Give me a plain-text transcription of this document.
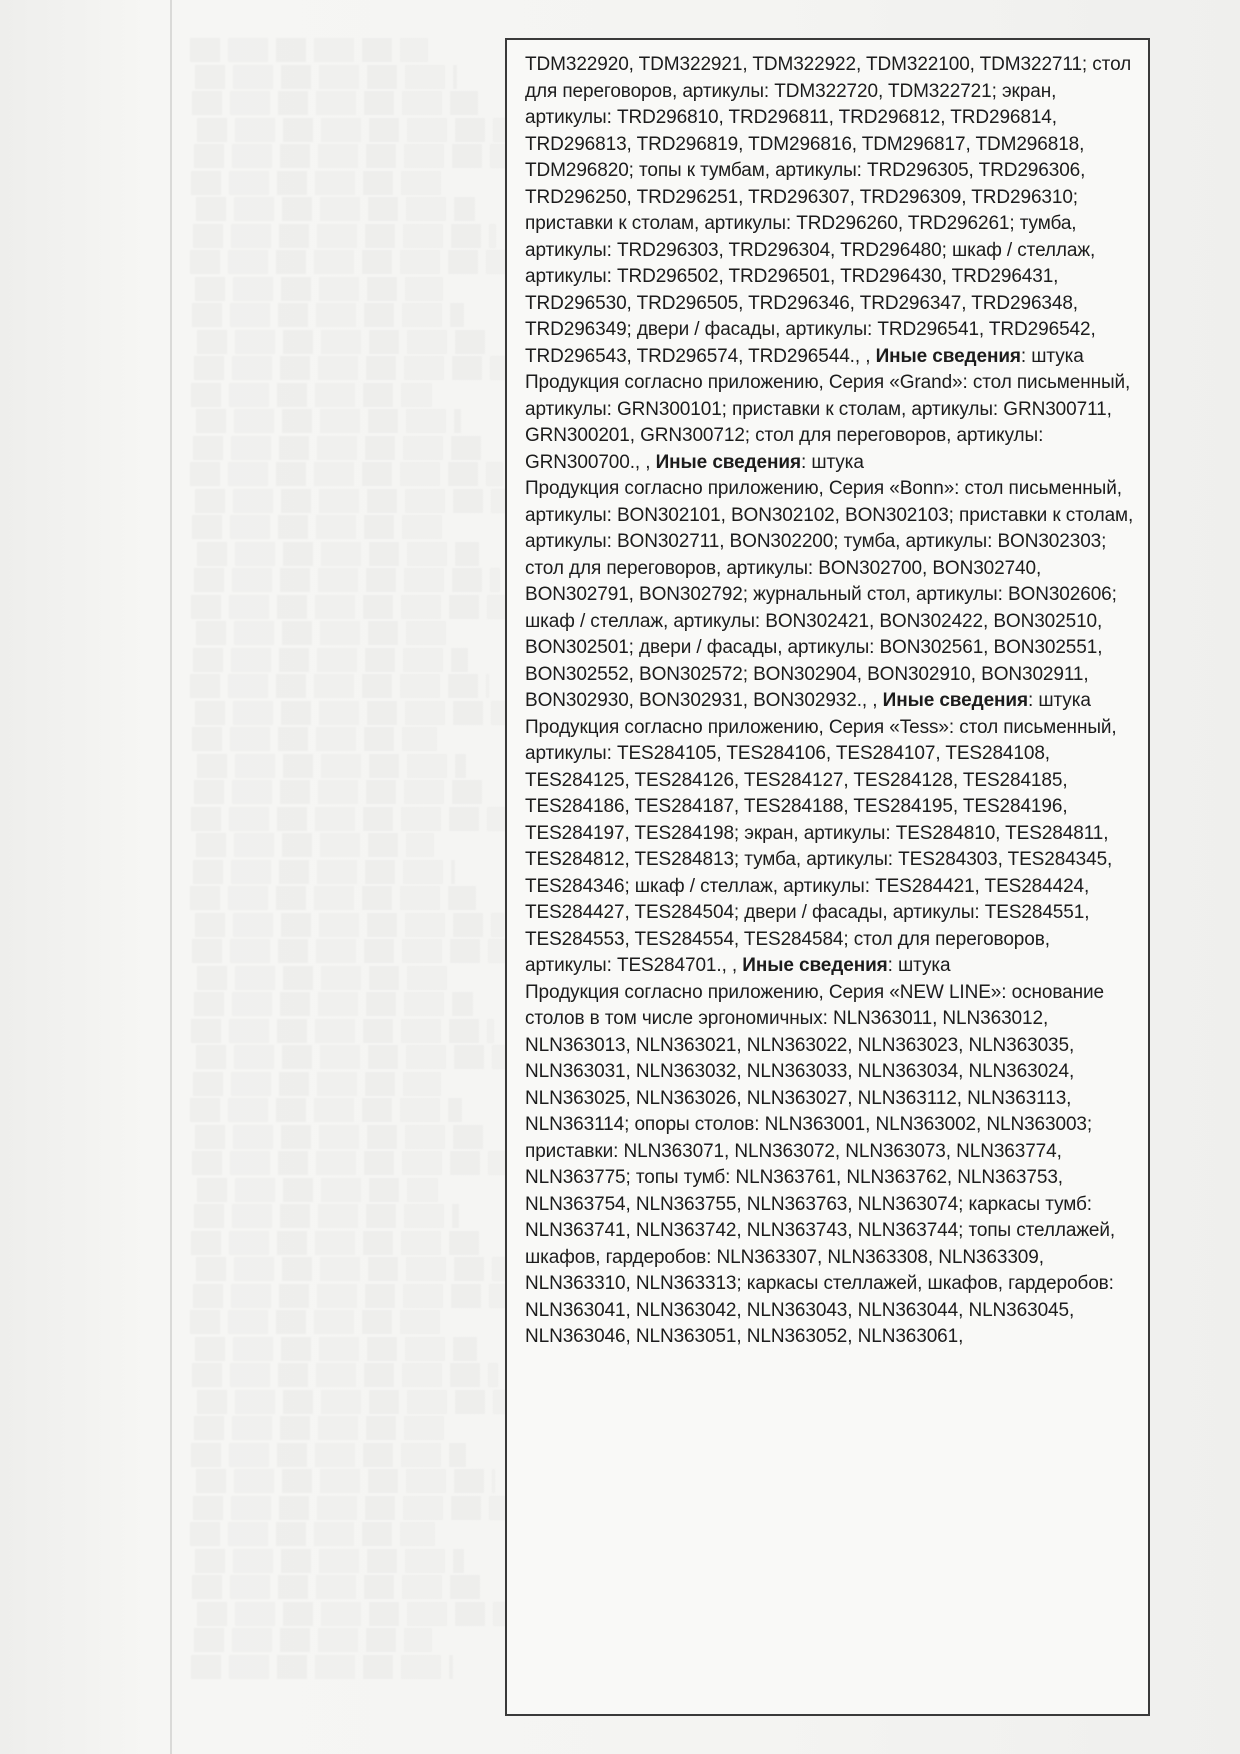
TDM322920, TDM322921, TDM322922, TDM322100, TDM322711; стол для переговоров, артикулы: TDM322720, TDM322721; экран, артикулы: TRD296810, TRD296811, TRD296812, TRD296814, TRD296813, TRD296819, TDM296816, TDM296817, TDM296818, TDM296820; топы к тумбам, артикулы: TRD296305, TRD296306, TRD296250, TRD296251, TRD296307, TRD296309, TRD296310; приставки к столам, артикулы: TRD296260, TRD296261; тумба, артикулы: TRD296303, TRD296304, TRD296480; шкаф / стеллаж, артикулы: TRD296502, TRD296501, TRD296430, TRD296431, TRD296530, TRD296505, TRD296346, TRD296347, TRD296348, TRD296349; двери / фасады, артикулы: TRD296541, TRD296542, TRD296543, TRD296574, TRD296544., , Иные сведения: штука

Продукция согласно приложению, Серия «Grand»: стол письменный, артикулы: GRN300101; приставки к столам, артикулы: GRN300711, GRN300201, GRN300712; стол для переговоров, артикулы: GRN300700., , Иные сведения: штука

Продукция согласно приложению, Серия «Bonn»: стол письменный, артикулы: BON302101, BON302102, BON302103; приставки к столам, артикулы: BON302711, BON302200; тумба, артикулы: BON302303; стол для переговоров, артикулы: BON302700, BON302740, BON302791, BON302792; журнальный стол, артикулы: BON302606; шкаф / стеллаж, артикулы: BON302421, BON302422, BON302510, BON302501; двери / фасады, артикулы: BON302561, BON302551, BON302552, BON302572; BON302904, BON302910, BON302911, BON302930, BON302931, BON302932., , Иные сведения: штука

Продукция согласно приложению, Серия «Tess»: стол письменный, артикулы: TES284105, TES284106, TES284107, TES284108, TES284125, TES284126, TES284127, TES284128, TES284185, TES284186, TES284187, TES284188, TES284195, TES284196, TES284197, TES284198; экран, артикулы: TES284810, TES284811, TES284812, TES284813; тумба, артикулы: TES284303, TES284345, TES284346; шкаф / стеллаж, артикулы: TES284421, TES284424, TES284427, TES284504; двери / фасады, артикулы: TES284551, TES284553, TES284554, TES284584; стол для переговоров, артикулы: TES284701., , Иные сведения: штука

Продукция согласно приложению, Серия «NEW LINE»: основание столов в том числе эргономичных: NLN363011, NLN363012, NLN363013, NLN363021, NLN363022, NLN363023, NLN363035, NLN363031, NLN363032, NLN363033, NLN363034, NLN363024, NLN363025, NLN363026, NLN363027, NLN363112, NLN363113, NLN363114; опоры столов: NLN363001, NLN363002, NLN363003; приставки: NLN363071, NLN363072, NLN363073, NLN363774, NLN363775; топы тумб: NLN363761, NLN363762, NLN363753, NLN363754, NLN363755, NLN363763, NLN363074; каркасы тумб: NLN363741, NLN363742, NLN363743, NLN363744; топы стеллажей, шкафов, гардеробов: NLN363307, NLN363308, NLN363309, NLN363310, NLN363313; каркасы стеллажей, шкафов, гардеробов: NLN363041, NLN363042, NLN363043, NLN363044, NLN363045, NLN363046, NLN363051, NLN363052, NLN363061,
